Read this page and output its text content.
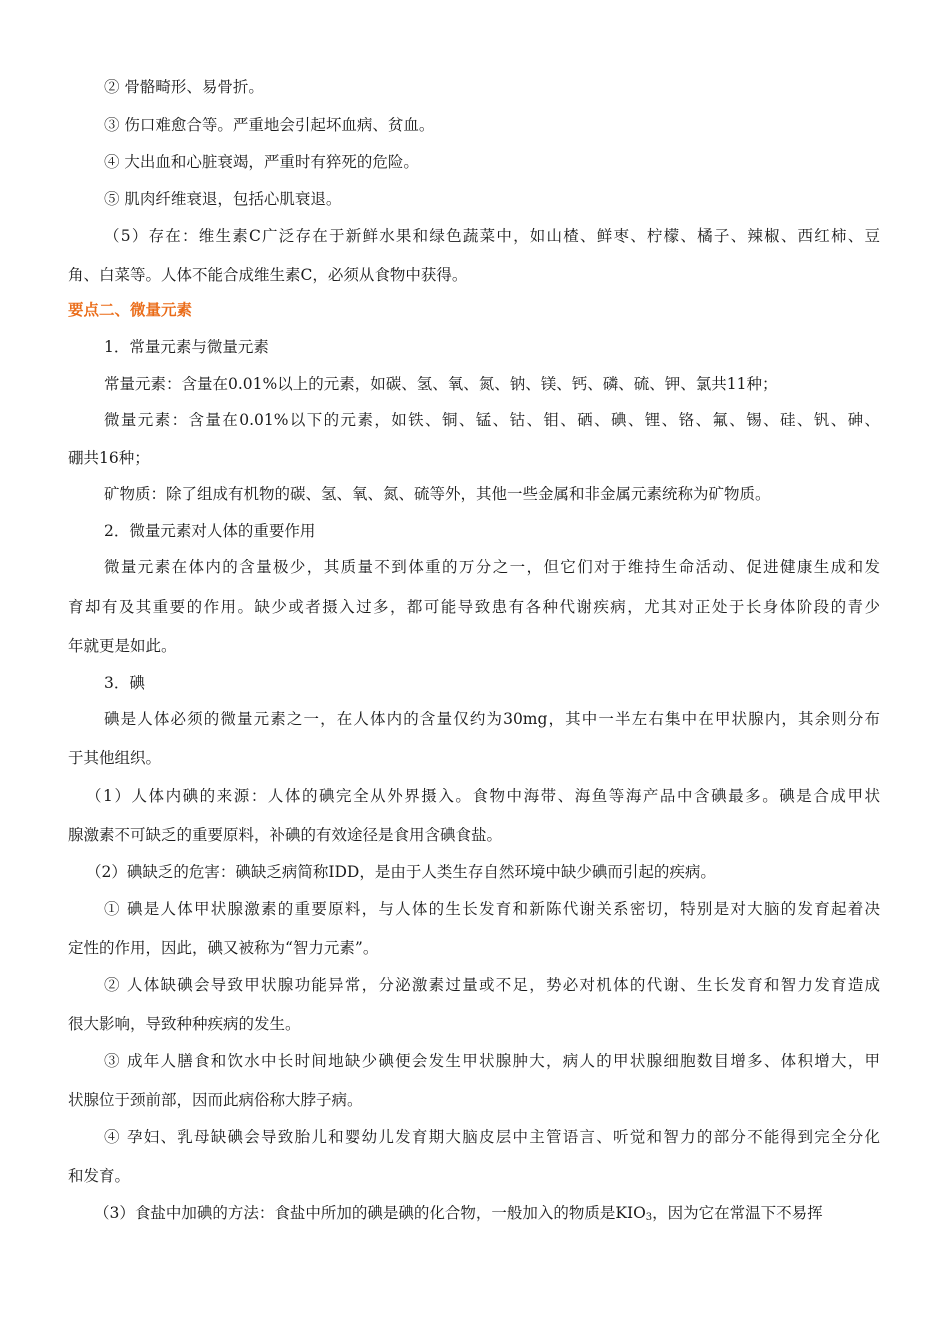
② 骨骼畸形、易骨折。
③ 伤口难愈合等。严重地会引起坏血病、贫血。
④ 大出血和心脏衰竭，严重时有猝死的危险。
⑤ 肌肉纤维衰退，包括心肌衰退。
（5）存在：维生素C广泛存在于新鲜水果和绿色蔬菜中，如山楂、鲜枣、柠檬、橘子、辣椒、西红柿、豆
角、白菜等。人体不能合成维生素C，必须从食物中获得。
要点二、微量元素
1．常量元素与微量元素
常量元素：含量在0.01%以上的元素，如碳、氢、氧、氮、钠、镁、钙、磷、硫、钾、氯共11种；
微量元素：含量在0.01%以下的元素，如铁、铜、锰、钴、钼、硒、碘、锂、铬、氟、锡、硅、钒、砷、
硼共16种；
矿物质：除了组成有机物的碳、氢、氧、氮、硫等外，其他一些金属和非金属元素统称为矿物质。
2．微量元素对人体的重要作用
微量元素在体内的含量极少，其质量不到体重的万分之一，但它们对于维持生命活动、促进健康生成和发
育却有及其重要的作用。缺少或者摄入过多，都可能导致患有各种代谢疾病，尤其对正处于长身体阶段的青少
年就更是如此。
3．碘
碘是人体必须的微量元素之一，在人体内的含量仅约为30mg，其中一半左右集中在甲状腺内，其余则分布
于其他组织。
（1）人体内碘的来源：人体的碘完全从外界摄入。食物中海带、海鱼等海产品中含碘最多。碘是合成甲状
腺激素不可缺乏的重要原料，补碘的有效途径是食用含碘食盐。
（2）碘缺乏的危害：碘缺乏病简称IDD，是由于人类生存自然环境中缺少碘而引起的疾病。
① 碘是人体甲状腺激素的重要原料，与人体的生长发育和新陈代谢关系密切，特别是对大脑的发育起着决
定性的作用，因此，碘又被称为“智力元素”。
② 人体缺碘会导致甲状腺功能异常，分泌激素过量或不足，势必对机体的代谢、生长发育和智力发育造成
很大影响，导致种种疾病的发生。
③ 成年人膳食和饮水中长时间地缺少碘便会发生甲状腺肿大，病人的甲状腺细胞数目增多、体积增大，甲
状腺位于颈前部，因而此病俗称大脖子病。
④ 孕妇、乳母缺碘会导致胎儿和婴幼儿发育期大脑皮层中主管语言、听觉和智力的部分不能得到完全分化
和发育。
（3）食盐中加碘的方法：食盐中所加的碘是碘的化合物，一般加入的物质是$KIO_3$，因为它在常温下不易挥
